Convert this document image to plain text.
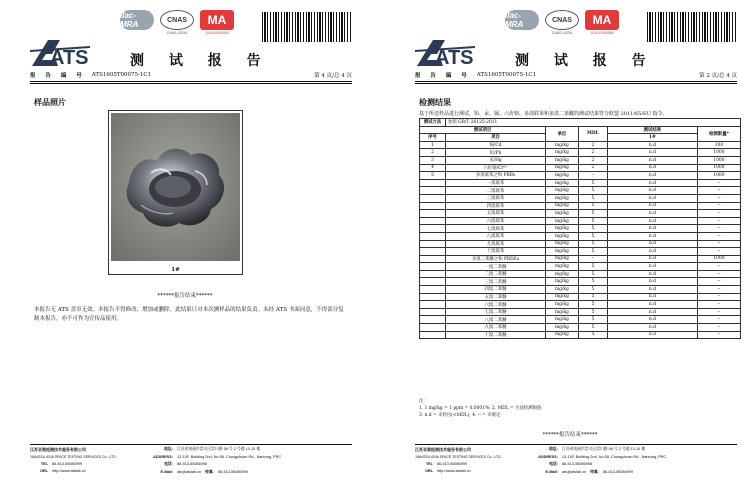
ATS
ilac-MRA	CNAS
CNAS L8154
MA
151012050089
测 试 报 告
报 告 编 号 ATS1605T00075-1C1	第 4 页/总 4 页
样品照片
1#
******报告结束******
本报告无 ATS 盖章无效。本报告不得修改、增加或删除。此结果只对本次测样品的结果负责。未经 ATS 书面同意，不得部分复制本报告，亦不可作为宣传品使用。
江苏亚奥检测技术服务有限公司
JIANGSU ASIA SPACE TESTING SERVICES Co., LTD.
TEL 86-513-55086999
URL http://www.atslab.cn
地址: 江苏省南通市崇川区崇川路 58 号 2 号楼 13-15 楼
ADDRESS: 13-15F, Building 2nd, No.58, Chongchuan Rd., Nantong, PRC
电话: 86-513-55086998
E-Mail: ats@atslab.cn 传真: 86-513-55086999
ATS
ilac-MRA	CNAS
CNAS L8154
MA
151012050089
测 试 报 告
报 告 编 号 ATS1605T00075-1C1	第 2 页/总 4 页
检测结果
基于所送样品进行测试，铅、汞、镉、六价铬、多溴联苯和多溴二苯醚的测试结果符合欧盟 2011/65/EU 指令。
测试方法	参照 GB/T 26125-2011				
测试项目		单位	MDL	测试结果	检测限量*
序号	项目			1#	
1	镉/Cd	mg/kg	2	n.d	100
2	铅/Pb	mg/kg	2	n.d	1000
3	汞/Hg	mg/kg	2	n.d	1000
4	六价铬/Cr⁶⁺	mg/kg	2	n.d	1000
5	多溴联苯之和 PBBs	mg/kg	--	n.d	1000
	一溴联苯	mg/kg	5	n.d	--
	二溴联苯	mg/kg	5	n.d	--
	三溴联苯	mg/kg	5	n.d	--
	四溴联苯	mg/kg	5	n.d	--
	五溴联苯	mg/kg	5	n.d	--
	六溴联苯	mg/kg	5	n.d	--
	七溴联苯	mg/kg	5	n.d	--
	八溴联苯	mg/kg	5	n.d	--
	九溴联苯	mg/kg	5	n.d	--
	十溴联苯	mg/kg	5	n.d	--
	多溴二苯醚之和 PBDEs	mg/kg	--	n.d	1000
	一溴二苯醚	mg/kg	5	n.d	--
	二溴二苯醚	mg/kg	5	n.d	--
	三溴二苯醚	mg/kg	5	n.d	--
	四溴二苯醚	mg/kg	5	n.d	--
	五溴二苯醚	mg/kg	5	n.d	--
	六溴二苯醚	mg/kg	5	n.d	--
	七溴二苯醚	mg/kg	5	n.d	--
	八溴二苯醚	mg/kg	5	n.d	--
	九溴二苯醚	mg/kg	5	n.d	--
	十溴二苯醚	mg/kg	5	n.d	--
注：
1. 1 mg/kg = 1 ppm = 0.0001%; 2. MDL = 方法检测限值
3. n.d = 未检出(<MDL); 4. -- = 未规定
******报告结束******
江苏亚奥检测技术服务有限公司
JIANGSU ASIA SPACE TESTING SERVICES Co., LTD.
TEL 86-513-55086999
URL http://www.atslab.cn
地址: 江苏省南通市崇川区崇川路 58 号 2 号楼 13-15 楼
ADDRESS: 13-15F, Building 2nd, No.58, Chongchuan Rd., Nantong, PRC
电话: 86-513-55086998
E-Mail: ats@atslab.cn 传真: 86-513-55086999
